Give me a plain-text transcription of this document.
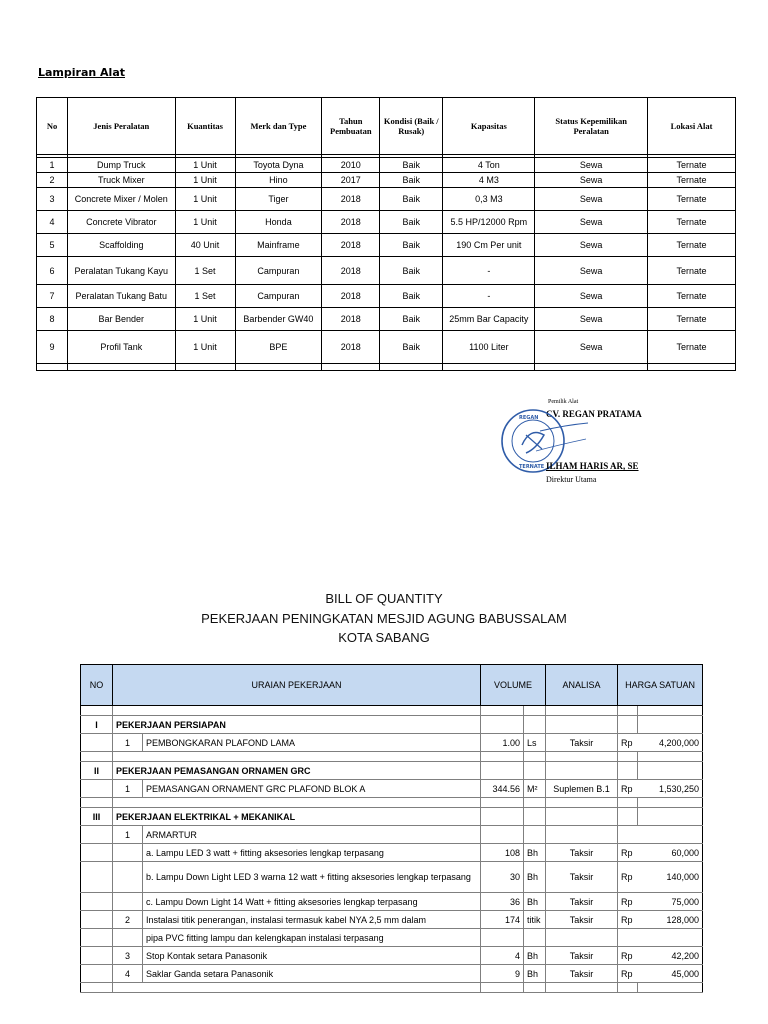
Lampiran Alat
No	Jenis Peralatan	Kuantitas	Merk dan Type	Tahun Pembuatan	Kondisi (Baik / Rusak)	Kapasitas	Status Kepemilikan Peralatan	Lokasi Alat

1	Dump Truck	1 Unit	Toyota Dyna	2010	Baik	4 Ton	Sewa	Ternate
2	Truck Mixer	1 Unit	Hino	2017	Baik	4 M3	Sewa	Ternate
3	Concrete Mixer / Molen	1 Unit	Tiger	2018	Baik	0,3 M3	Sewa	Ternate
4	Concrete Vibrator	1 Unit	Honda	2018	Baik	5.5 HP/12000 Rpm	Sewa	Ternate
5	Scaffolding	40 Unit	Mainframe	2018	Baik	190 Cm Per unit	Sewa	Ternate
6	Peralatan Tukang Kayu	1 Set	Campuran	2018	Baik	-	Sewa	Ternate
7	Peralatan Tukang Batu	1 Set	Campuran	2018	Baik	-	Sewa	Ternate
8	Bar Bender	1 Unit	Barbender GW40	2018	Baik	25mm Bar Capacity	Sewa	Ternate
9	Profil Tank	1 Unit	BPE	2018	Baik	1100 Liter	Sewa	Ternate

Pemilik Alat
CV. REGAN PRATAMA
REGAN
TERNATE ILHAM HARIS AR, SE
Direktur Utama
BILL OF QUANTITY
PEKERJAAN PENINGKATAN MESJID AGUNG BABUSSALAM
KOTA SABANG
NO	URAIAN PEKERJAAN		VOLUME		ANALISA	HARGA SATUAN	

I	PEKERJAAN PERSIAPAN						
	1	PEMBONGKARAN PLAFOND LAMA	1.00	Ls	Taksir	Rp	4,200,000

II	PEKERJAAN PEMASANGAN ORNAMEN GRC						
	1	PEMASANGAN ORNAMENT GRC PLAFOND BLOK A	344.56	M²	Suplemen B.1	Rp	1,530,250

III	PEKERJAAN ELEKTRIKAL + MEKANIKAL						
	1	ARMARTUR					
		a. Lampu LED 3 watt + fitting aksesories lengkap terpasang	108	Bh	Taksir	Rp	60,000
		b. Lampu Down Light LED 3 warna 12 watt + fitting aksesories lengkap terpasang	30	Bh	Taksir	Rp	140,000
		c. Lampu Down Light 14 Watt + fitting aksesories lengkap terpasang	36	Bh	Taksir	Rp	75,000
	2	Instalasi titik penerangan, instalasi termasuk kabel NYA 2,5 mm dalam	174	titik	Taksir	Rp	128,000
		pipa PVC fitting lampu dan kelengkapan instalasi terpasang					
	3	Stop Kontak setara Panasonik	4	Bh	Taksir	Rp	42,200
	4	Saklar Ganda setara Panasonik	9	Bh	Taksir	Rp	45,000
